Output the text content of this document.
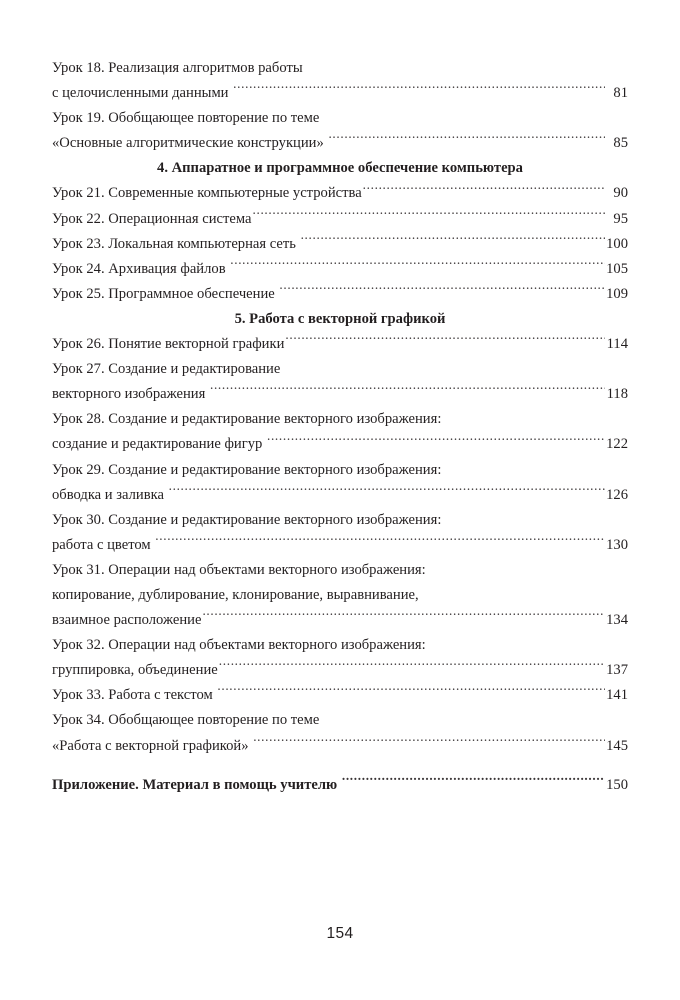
Урок 18. Реализация алгоритмов работы
с целочисленными данными .....	81
Урок 19. Обобщающее повторение по теме
«Основные алгоритмические конструкции» .....	85
4. Аппаратное и программное обеспечение компьютера
Урок 21. Современные компьютерные устройства .....	90
Урок 22. Операционная система .....	95
Урок 23. Локальная компьютерная сеть .....	100
Урок 24. Архивация файлов .....	105
Урок 25. Программное обеспечение .....	109
5. Работа с векторной графикой
Урок 26. Понятие векторной графики .....	114
Урок 27. Создание и редактирование
векторного изображения .....	118
Урок 28. Создание и редактирование векторного изображения:
создание и редактирование фигур .....	122
Урок 29. Создание и редактирование векторного изображения:
обводка и заливка .....	126
Урок 30. Создание и редактирование векторного изображения:
работа с цветом .....	130
Урок 31. Операции над объектами векторного изображения:
копирование, дублирование, клонирование, выравнивание,
взаимное расположение .....	134
Урок 32. Операции над объектами векторного изображения:
группировка, объединение .....	137
Урок 33. Работа с текстом .....	141
Урок 34. Обобщающее повторение по теме
«Работа с векторной графикой» .....	145
Приложение. Материал в помощь учителю .....	150
154
